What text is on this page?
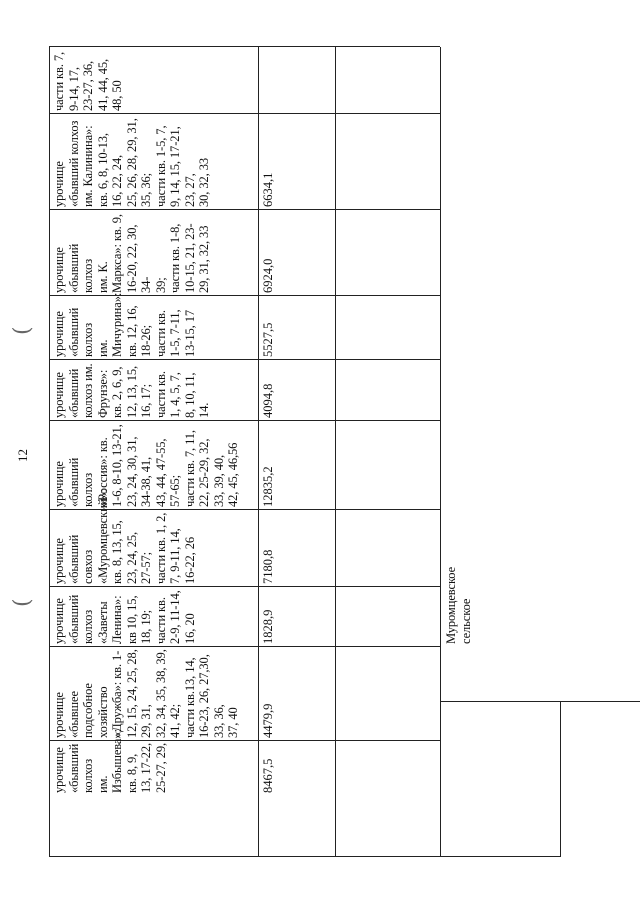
12
(
(
части кв. 7, 9-14, 17, 23-27, 36, 41, 44, 45,
48, 50
урочище «бывший колхоз
им. Калинина»: кв. 6, 8, 10-13, 16, 22, 24,
25, 26, 28, 29, 31, 35, 36;
части кв. 1-5, 7, 9, 14, 15, 17-21, 23, 27,
30, 32, 33
6634,1
урочище «бывший колхоз
им. К. Маркса»: кв. 9, 16-20, 22, 30, 34-
39;
части кв. 1-8, 10-15, 21, 23-29, 31, 32, 33
6924,0
урочище «бывший колхоз
им. Мичурина»: кв. 12, 16, 18-26;
части кв. 1-5, 7-11, 13-15, 17
5527,5
урочище «бывший колхоз им. Фрунзе»:
кв. 2, 6, 9, 12, 13, 15, 16, 17;
части кв. 1, 4, 5, 7, 8, 10, 11, 14.	4094,8
урочище «бывший колхоз «Россия»: кв.
1-6, 8-10, 13-21, 23, 24, 30, 31, 34-38, 41,
43, 44, 47-55, 57-65;
части кв. 7, 11, 22, 25-29, 32, 33, 39, 40,
42, 45, 46,56
12835,2
урочище «бывший совхоз
«Муромцевский»: кв. 8, 13, 15, 23, 24, 25,
27-57;
части кв. 1, 2, 7, 9-11, 14, 16-22, 26
7180,8
урочище «бывший колхоз «Заветы
Ленина»: кв 10, 15, 18, 19;
части кв. 2-9, 11-14, 16, 20	1828,9
урочище «бывшее подсобное хозяйство
«Дружба»: кв. 1-12, 15, 24, 25, 28, 29, 31,
32, 34, 35, 38, 39, 41, 42;
части кв.13, 14, 16-23, 26, 27,30, 33, 36,
37, 40 4479,9
урочище «бывший колхоз им.
Избышева»: кв. 8, 9, 13, 17-22, 25-27, 29,
8467,5
Муромцевское
сельское
